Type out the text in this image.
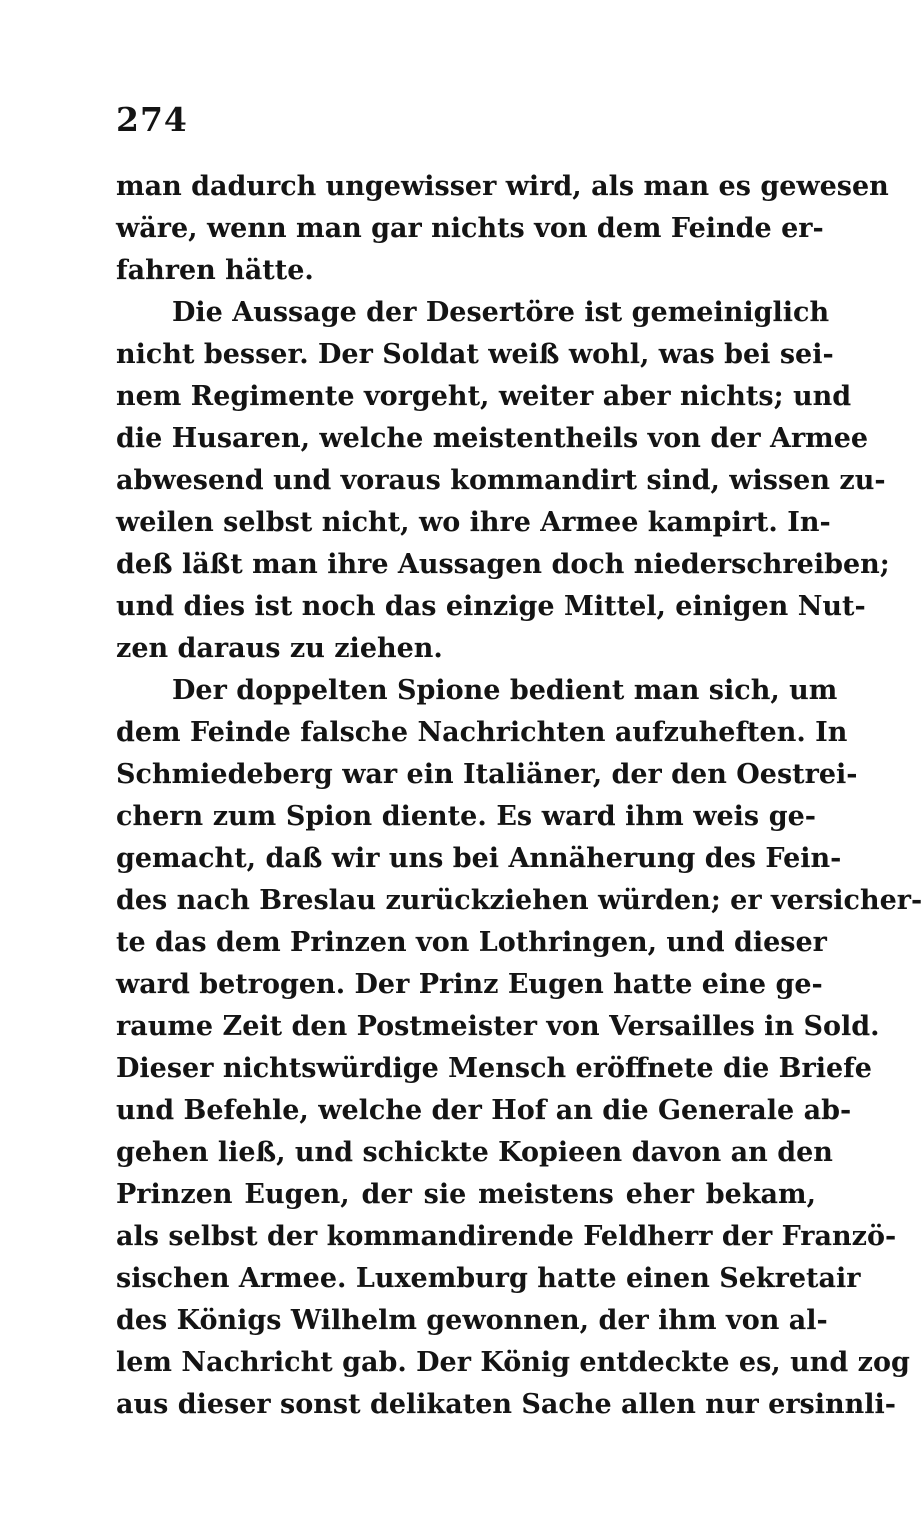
274
man dadurch ungewisser wird, als man es gewesen
wäre, wenn man gar nichts von dem Feinde er-
fahren hätte.
Die Aussage der Desertöre ist gemeiniglich
nicht besser. Der Soldat weiß wohl, was bei sei-
nem Regimente vorgeht, weiter aber nichts; und
die Husaren, welche meistentheils von der Armee
abwesend und voraus kommandirt sind, wissen zu-
weilen selbst nicht, wo ihre Armee kampirt. In-
deß läßt man ihre Aussagen doch niederschreiben;
und dies ist noch das einzige Mittel, einigen Nut-
zen daraus zu ziehen.
Der doppelten Spione bedient man sich, um
dem Feinde falsche Nachrichten aufzuheften. In
Schmiedeberg war ein Italiäner, der den Oestrei-
chern zum Spion diente. Es ward ihm weis ge-
gemacht, daß wir uns bei Annäherung des Fein-
des nach Breslau zurückziehen würden; er versicher-
te das dem Prinzen von Lothringen, und dieser
ward betrogen. Der Prinz Eugen hatte eine ge-
raume Zeit den Postmeister von Versailles in Sold.
Dieser nichtswürdige Mensch eröffnete die Briefe
und Befehle, welche der Hof an die Generale ab-
gehen ließ, und schickte Kopieen davon an den
Prinzen Eugen, der sie meistens eher bekam,
als selbst der kommandirende Feldherr der Franzö-
sischen Armee. Luxemburg hatte einen Sekretair
des Königs Wilhelm gewonnen, der ihm von al-
lem Nachricht gab. Der König entdeckte es, und zog
aus dieser sonst delikaten Sache allen nur ersinnli-
